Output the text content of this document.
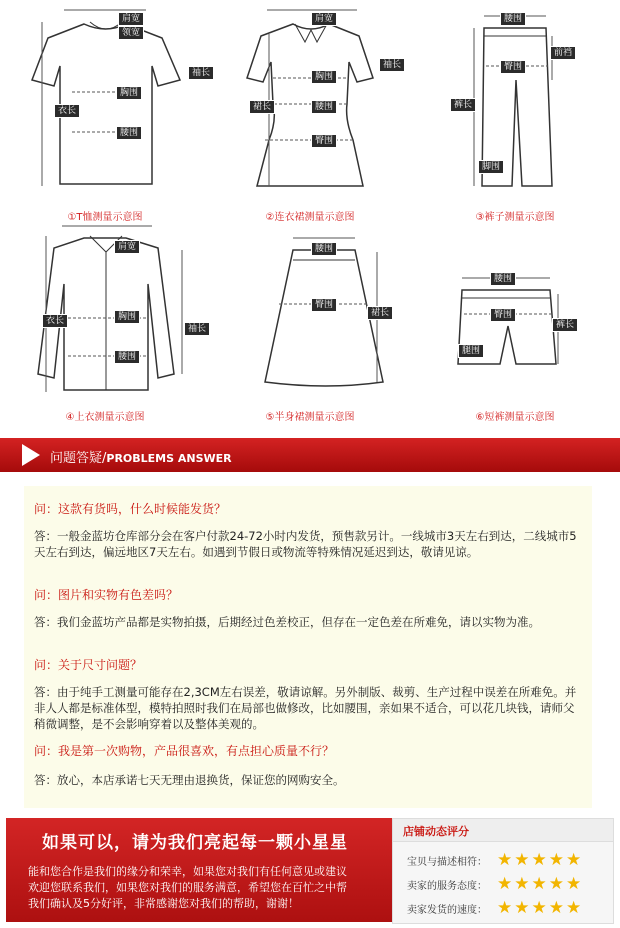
肩宽
领宽
袖长
胸围
衣长
腰围
①T恤测量示意图
肩宽
袖长
胸围
裙长	腰围
臀围
②连衣裙测量示意图
腰围
前裆
臀围
裤长
脚围
③裤子测量示意图
肩宽
衣长	胸围
袖长
腰围
④上衣测量示意图
腰围
臀围
裙长
⑤半身裙测量示意图
腰围
臀围
裤长
腿围
⑥短裤测量示意图
问题答疑/PROBLEMS ANSWER
问：这款有货吗，什么时候能发货？
答：一般金蓝坊仓库部分会在客户付款24-72小时内发货，预售款另计。一线城市3天左右到达，二线城市5天左右到达，偏远地区7天左右。如遇到节假日或物流等特殊情况延迟到达，敬请见谅。
问：图片和实物有色差吗？
答：我们金蓝坊产品都是实物拍摄，后期经过色差校正，但存在一定色差在所难免，请以实物为准。
问：关于尺寸问题？
答：由于纯手工测量可能存在2,3CM左右误差，敬请谅解。另外制版、裁剪、生产过程中误差在所难免。并非人人都是标准体型，模特拍照时我们在局部也做修改，比如腰围，亲如果不适合，可以花几块钱，请师父稍微调整，是不会影响穿着以及整体美观的。
问：我是第一次购物，产品很喜欢，有点担心质量不行？
答：放心，本店承诺七天无理由退换货，保证您的网购安全。
如果可以，请为我们亮起每一颗小星星
能和您合作是我们的缘分和荣幸，如果您对我们有任何意见或建议
欢迎您联系我们，如果您对我们的服务满意，希望您在百忙之中帮
我们确认及5分好评，非常感谢您对我们的帮助，谢谢！
店铺动态评分
宝贝与描述相符： ★★★★★
卖家的服务态度： ★★★★★
卖家发货的速度： ★★★★★
